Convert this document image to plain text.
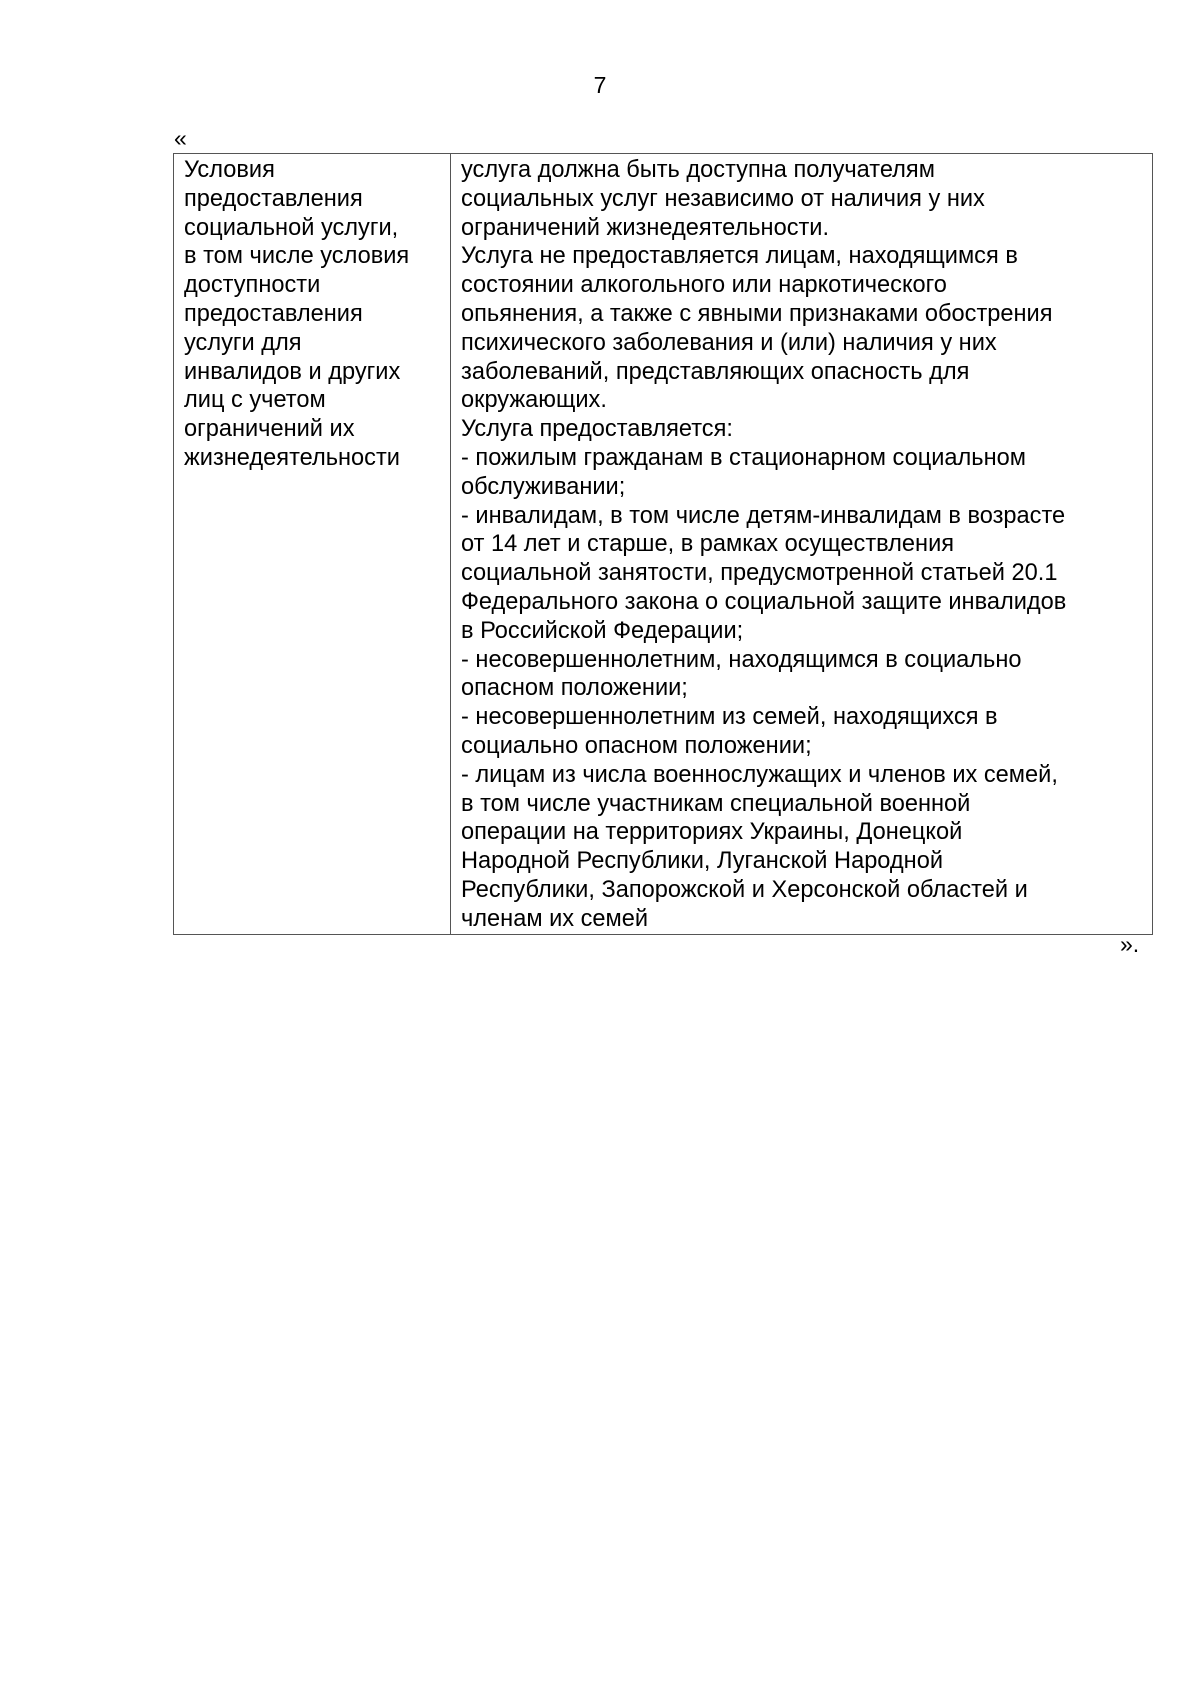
7
«
Условия
предоставления
социальной услуги,
в том числе условия
доступности
предоставления
услуги для
инвалидов и других
лиц с учетом
ограничений их
жизнедеятельности	услуга должна быть доступна получателям
социальных услуг независимо от наличия у них
ограничений жизнедеятельности.
Услуга не предоставляется лицам, находящимся в
состоянии алкогольного или наркотического
опьянения, а также с явными признаками обострения
психического заболевания и (или) наличия у них
заболеваний, представляющих опасность для
окружающих.
Услуга предоставляется:
- пожилым гражданам в стационарном социальном
обслуживании;
- инвалидам, в том числе детям-инвалидам в возрасте
от 14 лет и старше, в рамках осуществления
социальной занятости, предусмотренной статьей 20.1
Федерального закона о социальной защите инвалидов
в Российской Федерации;
- несовершеннолетним, находящимся в социально
опасном положении;
- несовершеннолетним из семей, находящихся в
социально опасном положении;
- лицам из числа военнослужащих и членов их семей,
в том числе участникам специальной военной
операции на территориях Украины, Донецкой
Народной Республики, Луганской Народной
Республики, Запорожской и Херсонской областей и
членам их семей
».
